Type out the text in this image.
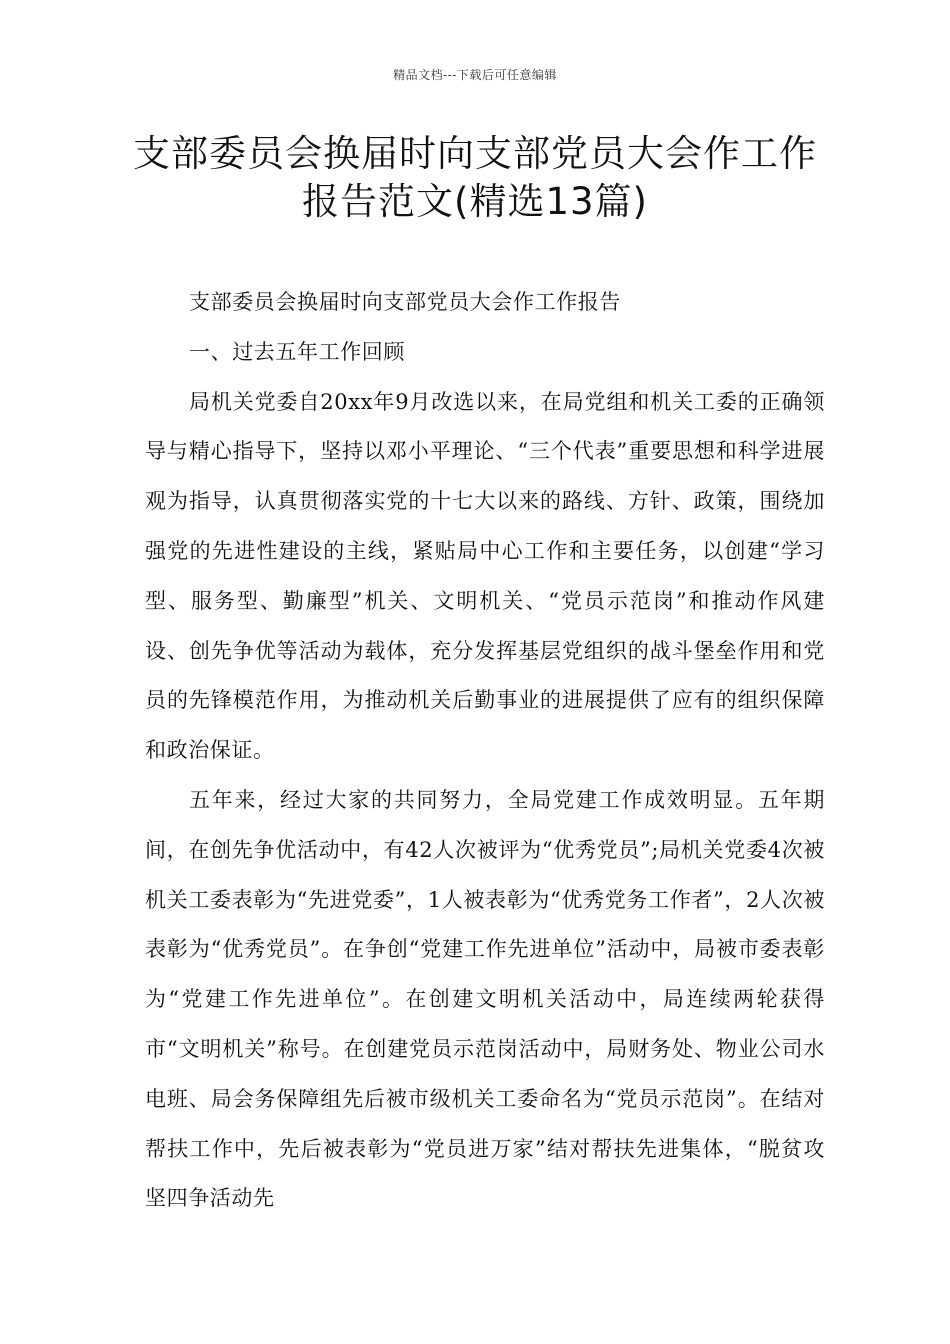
精品文档---下载后可任意编辑
支部委员会换届时向支部党员大会作工作报告范文(精选13篇)

支部委员会换届时向支部党员大会作工作报告

一、过去五年工作回顾

局机关党委自20xx年9月改选以来，在局党组和机关工委的正确领导与精心指导下，坚持以邓小平理论、“三个代表”重要思想和科学进展观为指导，认真贯彻落实党的十七大以来的路线、方针、政策，围绕加强党的先进性建设的主线，紧贴局中心工作和主要任务，以创建“学习型、服务型、勤廉型”机关、文明机关、“党员示范岗”和推动作风建设、创先争优等活动为载体，充分发挥基层党组织的战斗堡垒作用和党员的先锋模范作用，为推动机关后勤事业的进展提供了应有的组织保障和政治保证。

五年来，经过大家的共同努力，全局党建工作成效明显。五年期间，在创先争优活动中，有42人次被评为“优秀党员”;局机关党委4次被机关工委表彰为“先进党委”，1人被表彰为“优秀党务工作者”，2人次被表彰为“优秀党员”。在争创“党建工作先进单位”活动中，局被市委表彰为“党建工作先进单位”。在创建文明机关活动中，局连续两轮获得市“文明机关”称号。在创建党员示范岗活动中，局财务处、物业公司水电班、局会务保障组先后被市级机关工委命名为“党员示范岗”。在结对帮扶工作中，先后被表彰为“党员进万家”结对帮扶先进集体，“脱贫攻坚四争活动先
